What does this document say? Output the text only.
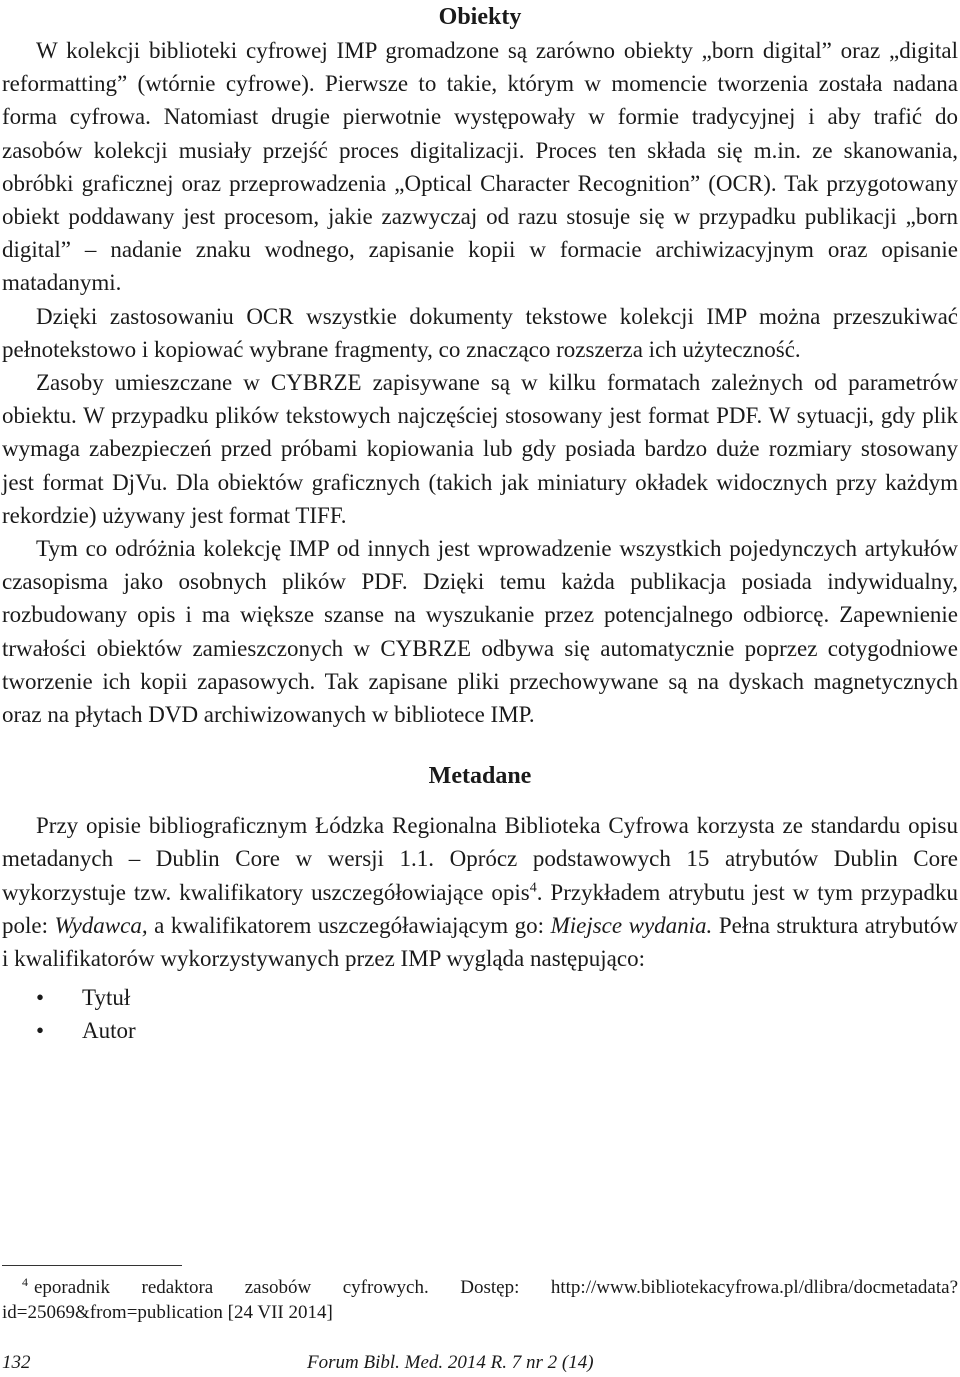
Obiekty

W kolekcji biblioteki cyfrowej IMP gromadzone są zarówno obiekty „born digital” oraz „digital reformatting” (wtórnie cyfrowe). Pierwsze to takie, którym w momencie tworzenia została nadana forma cyfrowa. Natomiast drugie pierwotnie występowały w formie tradycyjnej i aby trafić do zasobów kolekcji musiały przejść proces digitalizacji. Proces ten składa się m.in. ze skanowania, obróbki graficznej oraz przeprowadzenia „Optical Character Recognition” (OCR). Tak przygotowany obiekt poddawany jest procesom, jakie zazwyczaj od razu stosuje się w przypadku publikacji „born digital” – nadanie znaku wodnego, zapisanie kopii w formacie archiwizacyjnym oraz opisanie matadanymi.

Dzięki zastosowaniu OCR wszystkie dokumenty tekstowe kolekcji IMP można przeszukiwać pełnotekstowo i kopiować wybrane fragmenty, co znacząco rozszerza ich użyteczność.

Zasoby umieszczane w CYBRZE zapisywane są w kilku formatach zależnych od parametrów obiektu. W przypadku plików tekstowych najczęściej stosowany jest format PDF. W sytuacji, gdy plik wymaga zabezpieczeń przed próbami kopiowania lub gdy posiada bardzo duże rozmiary stosowany jest format DjVu. Dla obiektów graficznych (takich jak miniatury okładek widocznych przy każdym rekordzie) używany jest format TIFF.

Tym co odróżnia kolekcję IMP od innych jest wprowadzenie wszystkich pojedynczych artykułów czasopisma jako osobnych plików PDF. Dzięki temu każda publikacja posiada indywidualny, rozbudowany opis i ma większe szanse na wyszukanie przez potencjalnego odbiorcę. Zapewnienie trwałości obiektów zamieszczonych w CYBRZE odbywa się automatycznie poprzez cotygodniowe tworzenie ich kopii zapasowych. Tak zapisane pliki przechowywane są na dyskach magnetycznych oraz na płytach DVD archiwizowanych w bibliotece IMP.

Metadane

Przy opisie bibliograficznym Łódzka Regionalna Biblioteka Cyfrowa korzysta ze standardu opisu metadanych – Dublin Core w wersji 1.1. Oprócz podstawowych 15 atrybutów Dublin Core wykorzystuje tzw. kwalifikatory uszczegółowiające opis$^4$. Przykładem atrybutu jest w tym przypadku pole: Wydawca, a kwalifikatorem uszczegóławiającym go: Miejsce wydania. Pełna struktura atrybutów i kwalifikatorów wykorzystywanych przez IMP wygląda następująco:

•	Tytuł
•	Autor
$^4$ eporadnik redaktora zasobów cyfrowych. Dostęp: http://www.bibliotekacyfrowa.pl/dlibra/docmetadata?id=25069&from=publication [24 VII 2014]
132	Forum Bibl. Med. 2014 R. 7 nr 2 (14)
